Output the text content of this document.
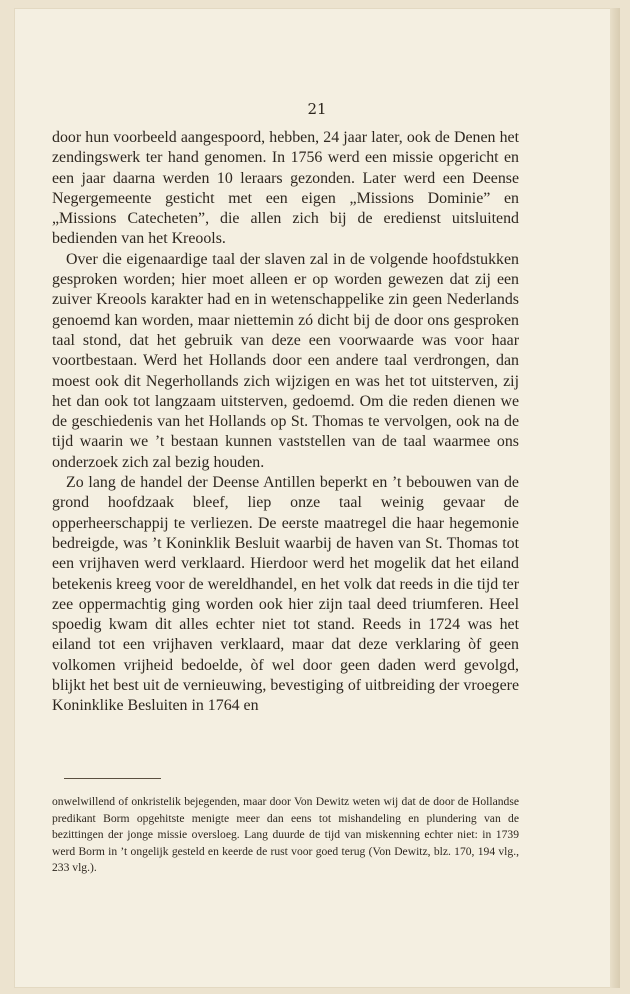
21

door hun voorbeeld aangespoord, hebben, 24 jaar later, ook de Denen het zendingswerk ter hand genomen. In 1756 werd een missie opgericht en een jaar daarna werden 10 leraars gezonden. Later werd een Deense Negergemeente gesticht met een eigen „Missions Dominie” en „Missions Catecheten”, die allen zich bij de eredienst uitsluitend bedienden van het Kreools.

Over die eigenaardige taal der slaven zal in de volgende hoofdstukken gesproken worden; hier moet alleen er op worden gewezen dat zij een zuiver Kreools karakter had en in wetenschappelike zin geen Nederlands genoemd kan worden, maar niettemin zó dicht bij de door ons gesproken taal stond, dat het gebruik van deze een voorwaarde was voor haar voortbestaan. Werd het Hollands door een andere taal verdrongen, dan moest ook dit Negerhollands zich wijzigen en was het tot uitsterven, zij het dan ook tot langzaam uitsterven, gedoemd. Om die reden dienen we de geschiedenis van het Hollands op St. Thomas te vervolgen, ook na de tijd waarin we ’t bestaan kunnen vaststellen van de taal waarmee ons onderzoek zich zal bezig houden.

Zo lang de handel der Deense Antillen beperkt en ’t bebouwen van de grond hoofdzaak bleef, liep onze taal weinig gevaar de opperheerschappij te verliezen. De eerste maatregel die haar hegemonie bedreigde, was ’t Koninklik Besluit waarbij de haven van St. Thomas tot een vrijhaven werd verklaard. Hierdoor werd het mogelik dat het eiland betekenis kreeg voor de wereldhandel, en het volk dat reeds in die tijd ter zee oppermachtig ging worden ook hier zijn taal deed triumferen. Heel spoedig kwam dit alles echter niet tot stand. Reeds in 1724 was het eiland tot een vrijhaven verklaard, maar dat deze verklaring òf geen volkomen vrijheid bedoelde, òf wel door geen daden werd gevolgd, blijkt het best uit de vernieuwing, bevestiging of uitbreiding der vroegere Koninklike Besluiten in 1764 en

onwelwillend of onkristelik bejegenden, maar door Von Dewitz weten wij dat de door de Hollandse predikant Borm opgehitste menigte meer dan eens tot mishandeling en plundering van de bezittingen der jonge missie oversloeg. Lang duurde de tijd van miskenning echter niet: in 1739 werd Borm in ’t ongelijk gesteld en keerde de rust voor goed terug (Von Dewitz, blz. 170, 194 vlg., 233 vlg.).
